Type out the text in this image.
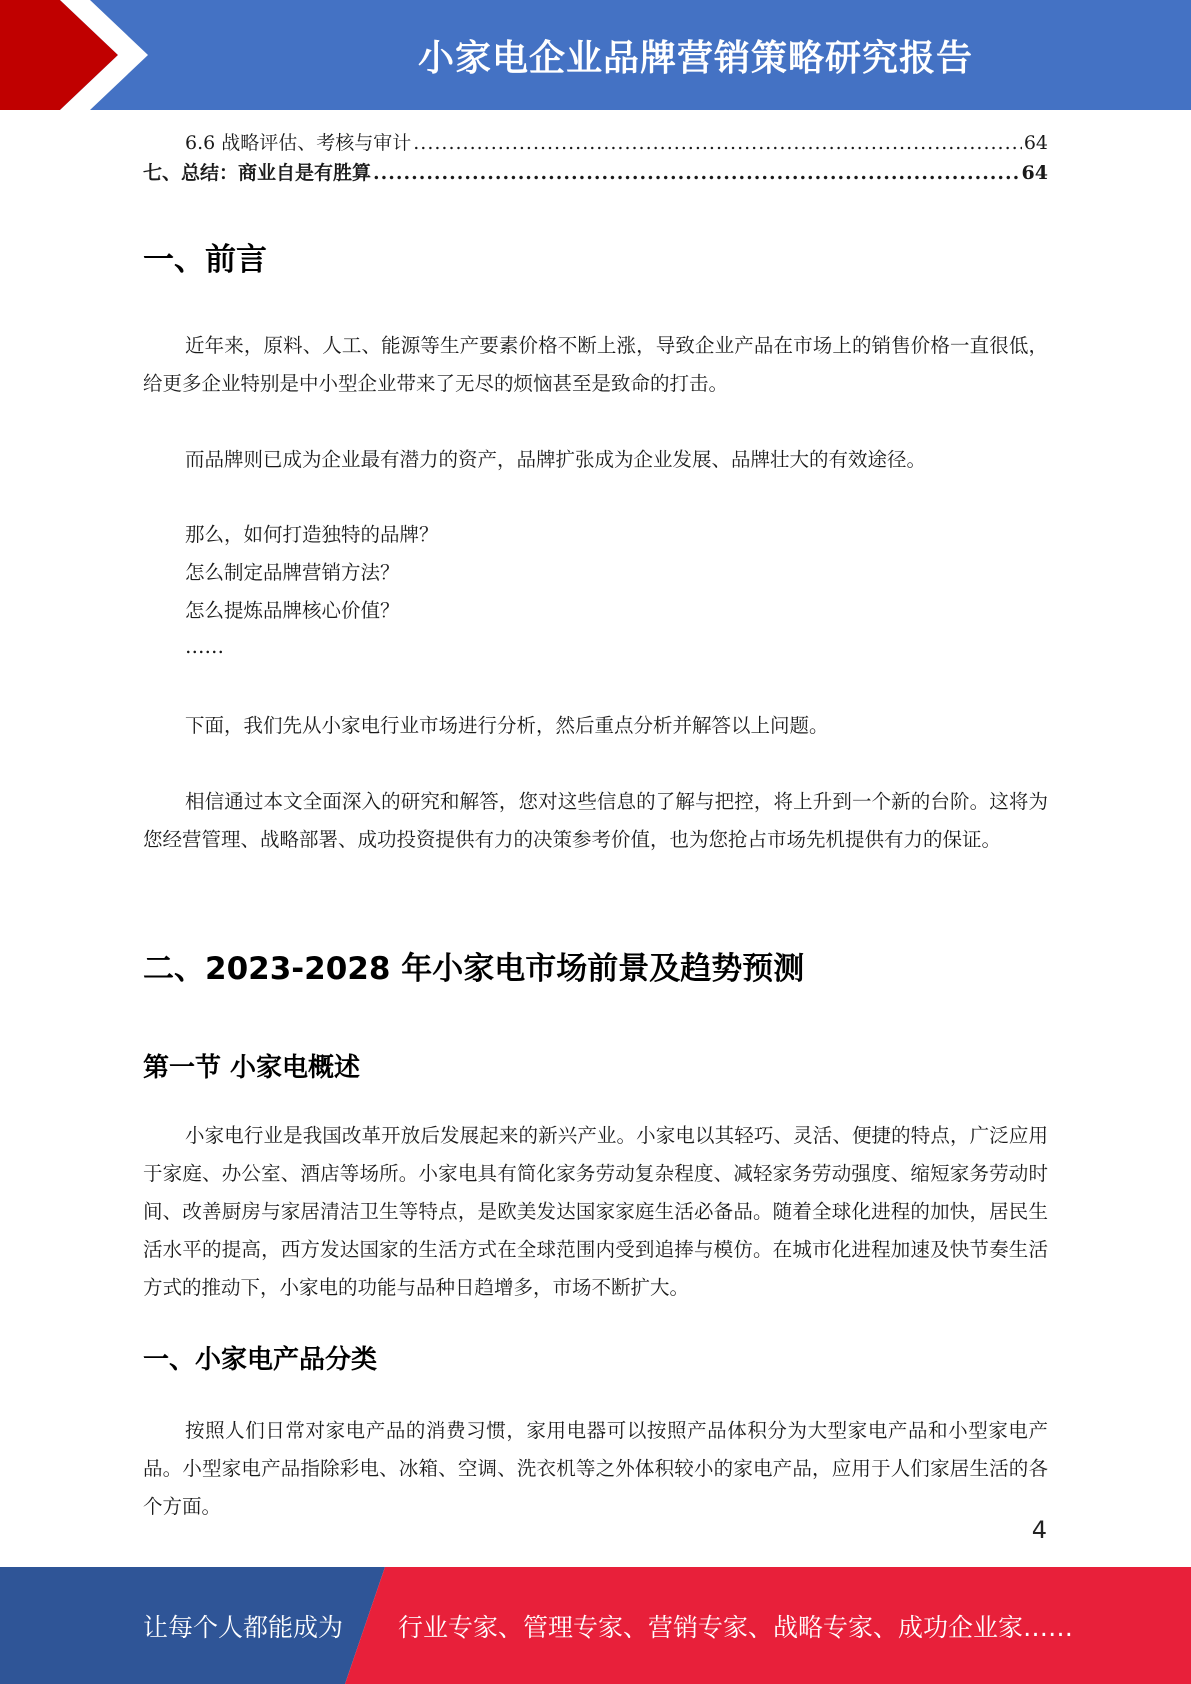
小家电企业品牌营销策略研究报告
6.6 战略评估、考核与审计 .....	64
七、总结：商业自是有胜算 .....	64
一、前言

近年来，原料、人工、能源等生产要素价格不断上涨，导致企业产品在市场上的销售价格一直很低，给更多企业特别是中小型企业带来了无尽的烦恼甚至是致命的打击。

而品牌则已成为企业最有潜力的资产，品牌扩张成为企业发展、品牌壮大的有效途径。

那么，如何打造独特的品牌？

怎么制定品牌营销方法？

怎么提炼品牌核心价值？

……

下面，我们先从小家电行业市场进行分析，然后重点分析并解答以上问题。

相信通过本文全面深入的研究和解答，您对这些信息的了解与把控，将上升到一个新的台阶。这将为您经营管理、战略部署、成功投资提供有力的决策参考价值，也为您抢占市场先机提供有力的保证。

二、2023-2028 年小家电市场前景及趋势预测
第一节 小家电概述

小家电行业是我国改革开放后发展起来的新兴产业。小家电以其轻巧、灵活、便捷的特点，广泛应用于家庭、办公室、酒店等场所。小家电具有简化家务劳动复杂程度、减轻家务劳动强度、缩短家务劳动时间、改善厨房与家居清洁卫生等特点，是欧美发达国家家庭生活必备品。随着全球化进程的加快，居民生活水平的提高，西方发达国家的生活方式在全球范围内受到追捧与模仿。在城市化进程加速及快节奏生活方式的推动下，小家电的功能与品种日趋增多，市场不断扩大。

一、小家电产品分类

按照人们日常对家电产品的消费习惯，家用电器可以按照产品体积分为大型家电产品和小型家电产品。小型家电产品指除彩电、冰箱、空调、洗衣机等之外体积较小的家电产品，应用于人们家居生活的各个方面。

4
让每个人都能成为 行业专家、管理专家、营销专家、战略专家、成功企业家……
